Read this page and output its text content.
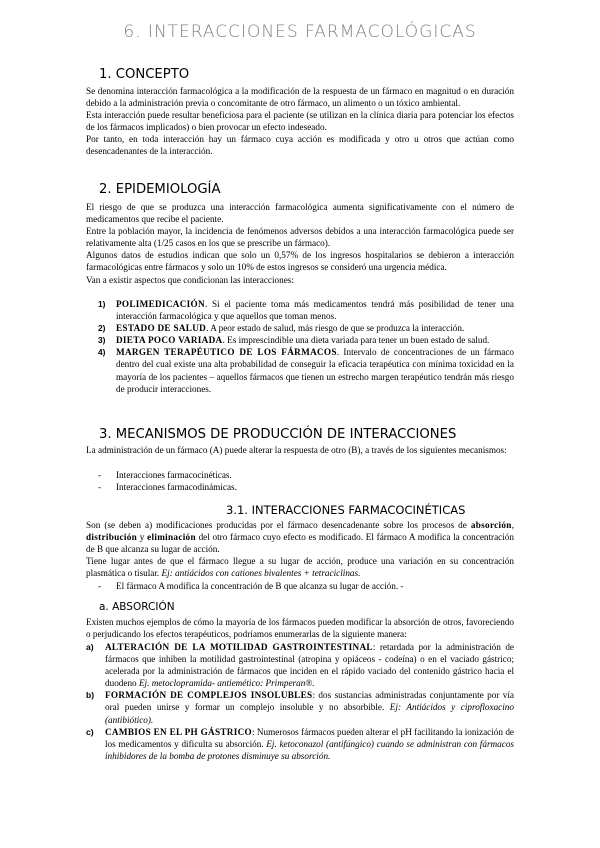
6. INTERACCIONES FARMACOLÓGICAS
1. CONCEPTO

Se denomina interacción farmacológica a la modificación de la respuesta de un fármaco en magnitud o en duración debido a la administración previa o concomitante de otro fármaco, un alimento o un tóxico ambiental.

Esta interacción puede resultar beneficiosa para el paciente (se utilizan en la clínica diaria para potenciar los efectos de los fármacos implicados) o bien provocar un efecto indeseado.

Por tanto, en toda interacción hay un fármaco cuya acción es modificada y otro u otros que actúan como desencadenantes de la interacción.

2. EPIDEMIOLOGÍA

El riesgo de que se produzca una interacción farmacológica aumenta significativamente con el número de medicamentos que recibe el paciente.

Entre la población mayor, la incidencia de fenómenos adversos debidos a una interacción farmacológica puede ser relativamente alta (1/25 casos en los que se prescribe un fármaco).

Algunos datos de estudios indican que solo un 0,57% de los ingresos hospitalarios se debieron a interacción farmacológicas entre fármacos y solo un 10% de estos ingresos se consideró una urgencia médica.

Van a existir aspectos que condicionan las interacciones:

1) POLIMEDICACIÓN. Si el paciente toma más medicamentos tendrá más posibilidad de tener una interacción farmacológica y que aquellos que toman menos.

2) ESTADO DE SALUD. A peor estado de salud, más riesgo de que se produzca la interacción.

3) DIETA POCO VARIADA. Es imprescindible una dieta variada para tener un buen estado de salud.

4) MARGEN TERAPÉUTICO DE LOS FÁRMACOS. Intervalo de concentraciones de un fármaco dentro del cual existe una alta probabilidad de conseguir la eficacia terapéutica con mínima toxicidad en la mayoría de los pacientes – aquellos fármacos que tienen un estrecho margen terapéutico tendrán más riesgo de producir interacciones.

3. MECANISMOS DE PRODUCCIÓN DE INTERACCIONES

La administración de un fármaco (A) puede alterar la respuesta de otro (B), a través de los siguientes mecanismos:

- Interacciones farmacocinéticas.

- Interacciones farmacodinámicas.

3.1. INTERACCIONES FARMACOCINÉTICAS

Son (se deben a) modificaciones producidas por el fármaco desencadenante sobre los procesos de absorción, distribución y eliminación del otro fármaco cuyo efecto es modificado. El fármaco A modifica la concentración de B que alcanza su lugar de acción.

Tiene lugar antes de que el fármaco llegue a su lugar de acción, produce una variación en su concentración plasmática o tisular. Ej: antiácidos con cationes bivalentes + tetraciclinas.

- El fármaco A modifica la concentración de B que alcanza su lugar de acción. -

a. ABSORCIÓN

Existen muchos ejemplos de cómo la mayoría de los fármacos pueden modificar la absorción de otros, favoreciendo o perjudicando los efectos terapéuticos, podríamos enumerarlas de la siguiente manera:

a) ALTERACIÓN DE LA MOTILIDAD GASTROINTESTINAL: retardada por la administración de fármacos que inhiben la motilidad gastrointestinal (atropina y opiáceos - codeína) o en el vaciado gástrico; acelerada por la administración de fármacos que inciden en el rápido vaciado del contenido gástrico hacia el duodeno Ej. metoclopramida- antiemético: Primperan®.

b) FORMACIÓN DE COMPLEJOS INSOLUBLES: dos sustancias administradas conjuntamente por vía oral pueden unirse y formar un complejo insoluble y no absorbible. Ej: Antiácidos y ciprofloxacino (antibiótico).

c) CAMBIOS EN EL PH GÁSTRICO: Numerosos fármacos pueden alterar el pH facilitando la ionización de los medicamentos y dificulta su absorción. Ej. ketoconazol (antifúngico) cuando se administran con fármacos inhibidores de la bomba de protones disminuye su absorción.
